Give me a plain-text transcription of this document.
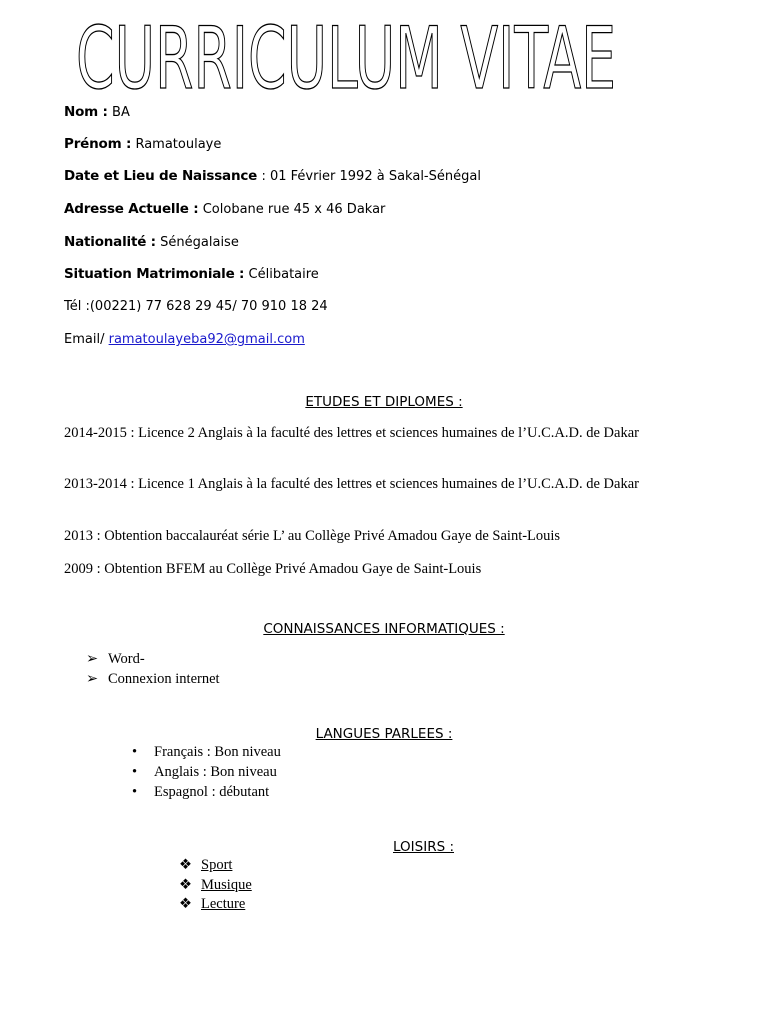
CURRICULUM VITAE
Nom : BA
Prénom : Ramatoulaye
Date et Lieu de Naissance : 01 Février 1992 à Sakal-Sénégal
Adresse Actuelle : Colobane rue 45 x 46 Dakar
Nationalité : Sénégalaise
Situation Matrimoniale : Célibataire
Tél :(00221) 77 628 29 45/ 70 910 18 24
Email/ ramatoulayeba92@gmail.com
ETUDES ET DIPLOMES :
2014-2015 : Licence 2 Anglais à la faculté des lettres et sciences humaines de l’U.C.A.D. de Dakar
2013-2014 : Licence 1 Anglais à la faculté des lettres et sciences humaines de l’U.C.A.D. de Dakar
2013 : Obtention baccalauréat série L’ au Collège Privé Amadou Gaye de Saint-Louis
2009 : Obtention BFEM au Collège Privé Amadou Gaye de Saint-Louis
CONNAISSANCES INFORMATIQUES :
➢ Word-
➢ Connexion internet
LANGUES PARLEES :
• Français : Bon niveau
• Anglais : Bon niveau
• Espagnol : débutant
LOISIRS :
❖ Sport
❖ Musique
❖ Lecture
